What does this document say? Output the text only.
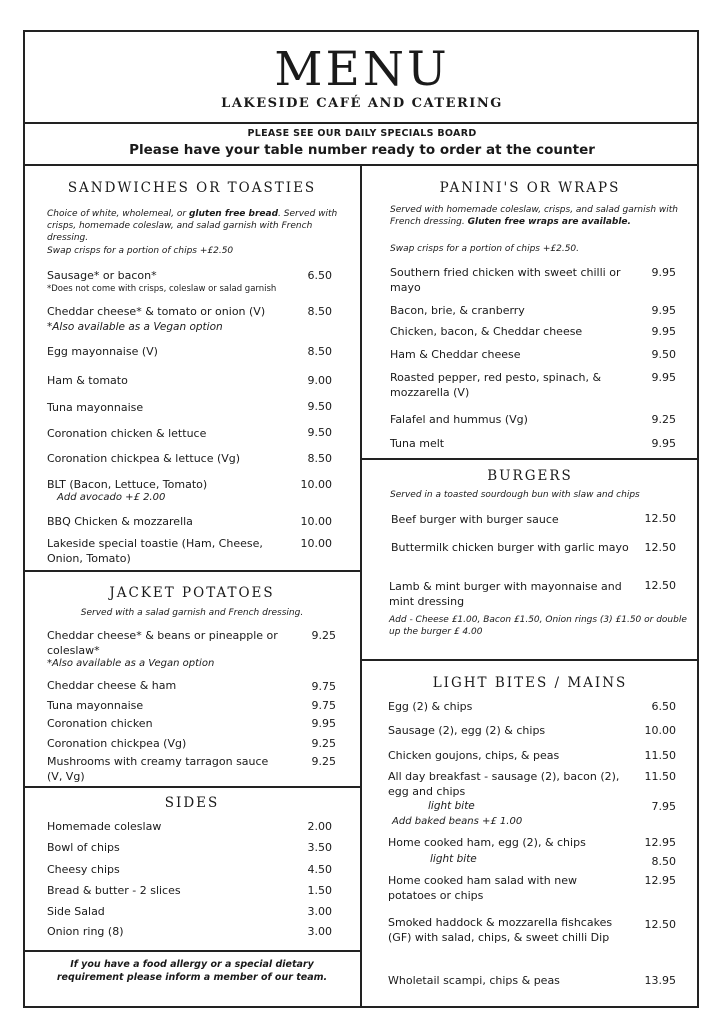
MENU
LAKESIDE CAFÉ AND CATERING
PLEASE SEE OUR DAILY SPECIALS BOARD
Please have your table number ready to order at the counter
SANDWICHES OR TOASTIES
Choice of white, wholemeal, or gluten free bread. Served with crisps, homemade coleslaw, and salad garnish with French dressing.
Swap crisps for a portion of chips +£2.50
Sausage* or bacon*	6.50
*Does not come with crisps, coleslaw or salad garnish
Cheddar cheese* & tomato or onion (V)	8.50
*Also available as a Vegan option
Egg mayonnaise (V)	8.50
Ham & tomato	9.00
Tuna mayonnaise	9.50
Coronation chicken & lettuce	9.50
Coronation chickpea & lettuce (Vg)	8.50
BLT (Bacon, Lettuce, Tomato)	10.00
Add avocado +£ 2.00
BBQ Chicken & mozzarella	10.00
Lakeside special toastie (Ham, Cheese, Onion, Tomato)
10.00
JACKET POTATOES
Served with a salad garnish and French dressing.
Cheddar cheese* & beans or pineapple or coleslaw*
9.25
*Also available as a Vegan option
Cheddar cheese & ham	9.75
Tuna mayonnaise	9.75
Coronation chicken	9.95
Coronation chickpea (Vg)	9.25
Mushrooms with creamy tarragon sauce (V, Vg)
9.25
SIDES
Homemade coleslaw	2.00
Bowl of chips	3.50
Cheesy chips	4.50
Bread & butter - 2 slices	1.50
Side Salad	3.00
Onion ring (8)	3.00
If you have a food allergy or a special dietary requirement please inform a member of our team.
PANINI'S OR WRAPS
Served with homemade coleslaw, crisps, and salad garnish with French dressing. Gluten free wraps are available.
Swap crisps for a portion of chips +£2.50.
Southern fried chicken with sweet chilli or mayo
9.95
Bacon, brie, & cranberry	9.95
Chicken, bacon, & Cheddar cheese	9.95
Ham & Cheddar cheese	9.50
Roasted pepper, red pesto, spinach, & mozzarella (V)
9.95
Falafel and hummus (Vg)	9.25
Tuna melt	9.95
BURGERS
Served in a toasted sourdough bun with slaw and chips
Beef burger with burger sauce	12.50
Buttermilk chicken burger with garlic mayo	12.50
Lamb & mint burger with mayonnaise and mint dressing
12.50
Add - Cheese £1.00, Bacon £1.50, Onion rings (3) £1.50 or double up the burger £ 4.00
LIGHT BITES / MAINS
Egg (2) & chips	6.50
Sausage (2), egg (2) & chips	10.00
Chicken goujons, chips, & peas	11.50
All day breakfast - sausage (2), bacon (2), egg and chips
11.50
light bite	7.95
Add baked beans +£ 1.00
Home cooked ham, egg (2), & chips	12.95
light bite	8.50
Home cooked ham salad with new potatoes or chips
12.95
Smoked haddock & mozzarella fishcakes (GF) with salad, chips, & sweet chilli Dip
12.50
Wholetail scampi, chips & peas	13.95
